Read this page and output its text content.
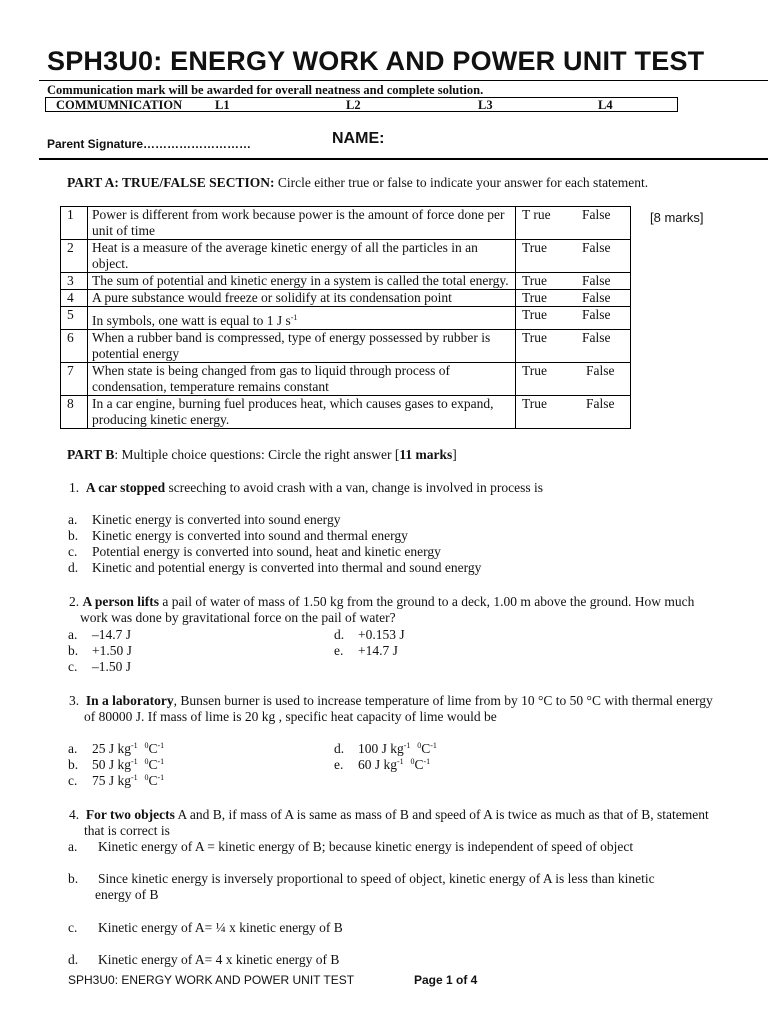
SPH3U0: ENERGY WORK AND POWER UNIT TEST
Communication mark will be awarded for overall neatness and complete solution.
COMMUMNICATION	L1	L2	L3	L4
Parent Signature………………………	NAME:
PART A: TRUE/FALSE SECTION: Circle either true or false to indicate your answer for each statement.
[8 marks]
1	Power is different from work because power is the amount of force done per unit of time	T rue False
2	Heat is a measure of the average kinetic energy of all the particles in an object.	True False
3	The sum of potential and kinetic energy in a system is called the total energy.	True False
4	A pure substance would freeze or solidify at its condensation point	True False
5	In symbols, one watt is equal to 1 J $s^{-1}$	True False
6	When a rubber band is compressed, type of energy possessed by rubber is potential energy	True False
7	When state is being changed from gas to liquid through process of condensation, temperature remains constant	True False
8	In a car engine, burning fuel produces heat, which causes gases to expand, producing kinetic energy.	True False
PART B: Multiple choice questions: Circle the right answer [11 marks]
1. A car stopped screeching to avoid crash with a van, change is involved in process is
a. Kinetic energy is converted into sound energy
b. Kinetic energy is converted into sound and thermal energy
c. Potential energy is converted into sound, heat and kinetic energy
d. Kinetic and potential energy is converted into thermal and sound energy
2. A person lifts a pail of water of mass of 1.50 kg from the ground to a deck, 1.00 m above the ground. How much
work was done by gravitational force on the pail of water?
a. –14.7 J
b. +1.50 J
c. –1.50 J
d. +0.153 J
e. +14.7 J
3. In a laboratory, Bunsen burner is used to increase temperature of lime from by 10 °C to 50 °C with thermal energy
of 80000 J. If mass of lime is 20 kg , specific heat capacity of lime would be
a. 25 J $kg^{-1}$ $^0C^{-1}$
b. 50 J $kg^{-1}$ $^0C^{-1}$
c. 75 J $kg^{-1}$ $^0C^{-1}$
d. 100 J $kg^{-1}$ $^0C^{-1}$
e. 60 J $kg^{-1}$ $^0C^{-1}$
4. For two objects A and B, if mass of A is same as mass of B and speed of A is twice as much as that of B, statement
that is correct is
a. Kinetic energy of A = kinetic energy of B; because kinetic energy is independent of speed of object
b. Since kinetic energy is inversely proportional to speed of object, kinetic energy of A is less than kinetic
energy of B
c. Kinetic energy of A= ¼ x kinetic energy of B
d. Kinetic energy of A= 4 x kinetic energy of B
SPH3U0: ENERGY WORK AND POWER UNIT TEST	Page 1 of 4
